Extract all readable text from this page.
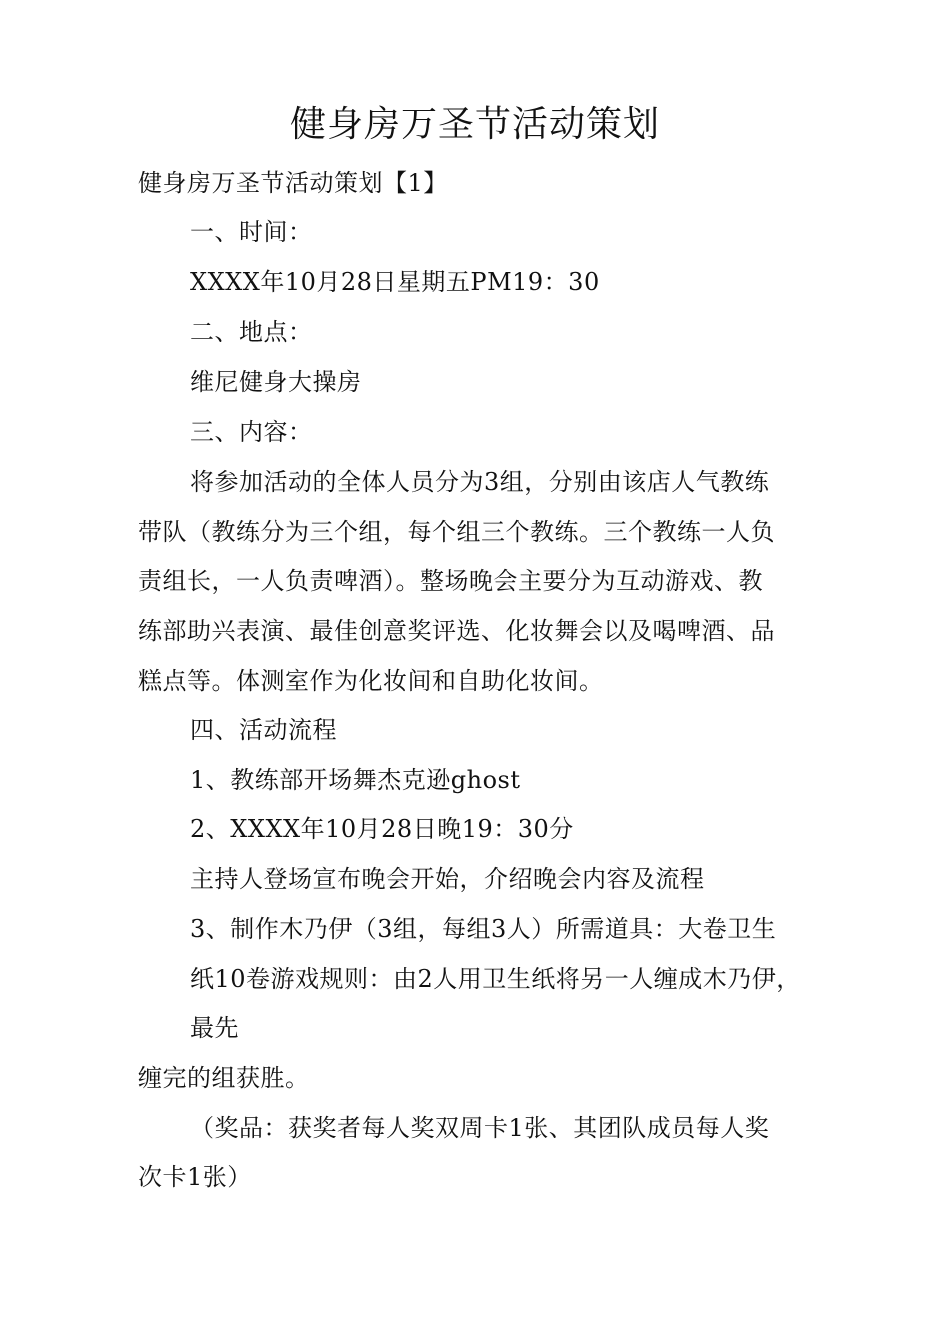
健身房万圣节活动策划
健身房万圣节活动策划【1】
一、时间：
XXXX年10月28日星期五PM19：30
二、地点：
维尼健身大操房
三、内容：
将参加活动的全体人员分为3组，分别由该店人气教练
带队（教练分为三个组，每个组三个教练。三个教练一人负
责组长，一人负责啤酒）。整场晚会主要分为互动游戏、教
练部助兴表演、最佳创意奖评选、化妆舞会以及喝啤酒、品
糕点等。体测室作为化妆间和自助化妆间。
四、活动流程
1、教练部开场舞杰克逊ghost
2、XXXX年10月28日晚19：30分
主持人登场宣布晚会开始，介绍晚会内容及流程
3、制作木乃伊（3组，每组3人）所需道具：大卷卫生
纸10卷游戏规则：由2人用卫生纸将另一人缠成木乃伊，
最先
缠完的组获胜。
（奖品：获奖者每人奖双周卡1张、其团队成员每人奖
次卡1张）
